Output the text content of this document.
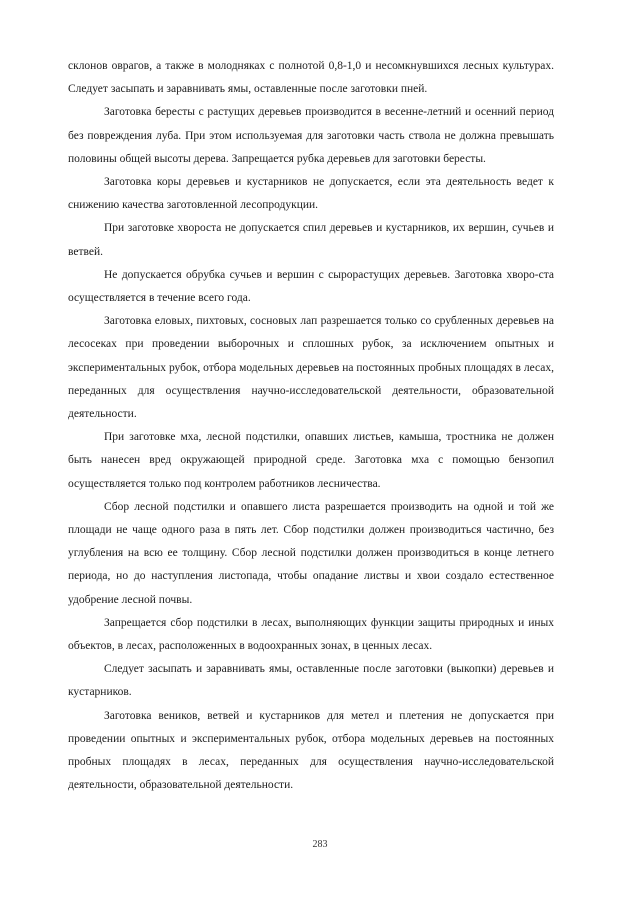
склонов оврагов, а также в молодняках с полнотой 0,8-1,0 и несомкнувшихся лесных культурах. Следует засыпать и заравнивать ямы, оставленные после заготовки пней.

Заготовка бересты с растущих деревьев производится в весенне-летний и осенний период без повреждения луба. При этом используемая для заготовки часть ствола не должна превышать половины общей высоты дерева. Запрещается рубка деревьев для заготовки бересты.

Заготовка коры деревьев и кустарников не допускается, если эта деятельность ведет к снижению качества заготовленной лесопродукции.

При заготовке хвороста не допускается спил деревьев и кустарников, их вершин, сучьев и ветвей.

Не допускается обрубка сучьев и вершин с сырорастущих деревьев. Заготовка хворо-ста осуществляется в течение всего года.

Заготовка еловых, пихтовых, сосновых лап разрешается только со срубленных деревьев на лесосеках при проведении выборочных и сплошных рубок, за исключением опытных и экспериментальных рубок, отбора модельных деревьев на постоянных пробных площадях в лесах, переданных для осуществления научно-исследовательской деятельности, образовательной деятельности.

При заготовке мха, лесной подстилки, опавших листьев, камыша, тростника не должен быть нанесен вред окружающей природной среде. Заготовка мха с помощью бензопил осуществляется только под контролем работников лесничества.

Сбор лесной подстилки и опавшего листа разрешается производить на одной и той же площади не чаще одного раза в пять лет. Сбор подстилки должен производиться частично, без углубления на всю ее толщину. Сбор лесной подстилки должен производиться в конце летнего периода, но до наступления листопада, чтобы опадание листвы и хвои создало естественное удобрение лесной почвы.

Запрещается сбор подстилки в лесах, выполняющих функции защиты природных и иных объектов, в лесах, расположенных в водоохранных зонах, в ценных лесах.

Следует засыпать и заравнивать ямы, оставленные после заготовки (выкопки) деревьев и кустарников.

Заготовка веников, ветвей и кустарников для метел и плетения не допускается при проведении опытных и экспериментальных рубок, отбора модельных деревьев на постоянных пробных площадях в лесах, переданных для осуществления научно-исследовательской деятельности, образовательной деятельности.

283
